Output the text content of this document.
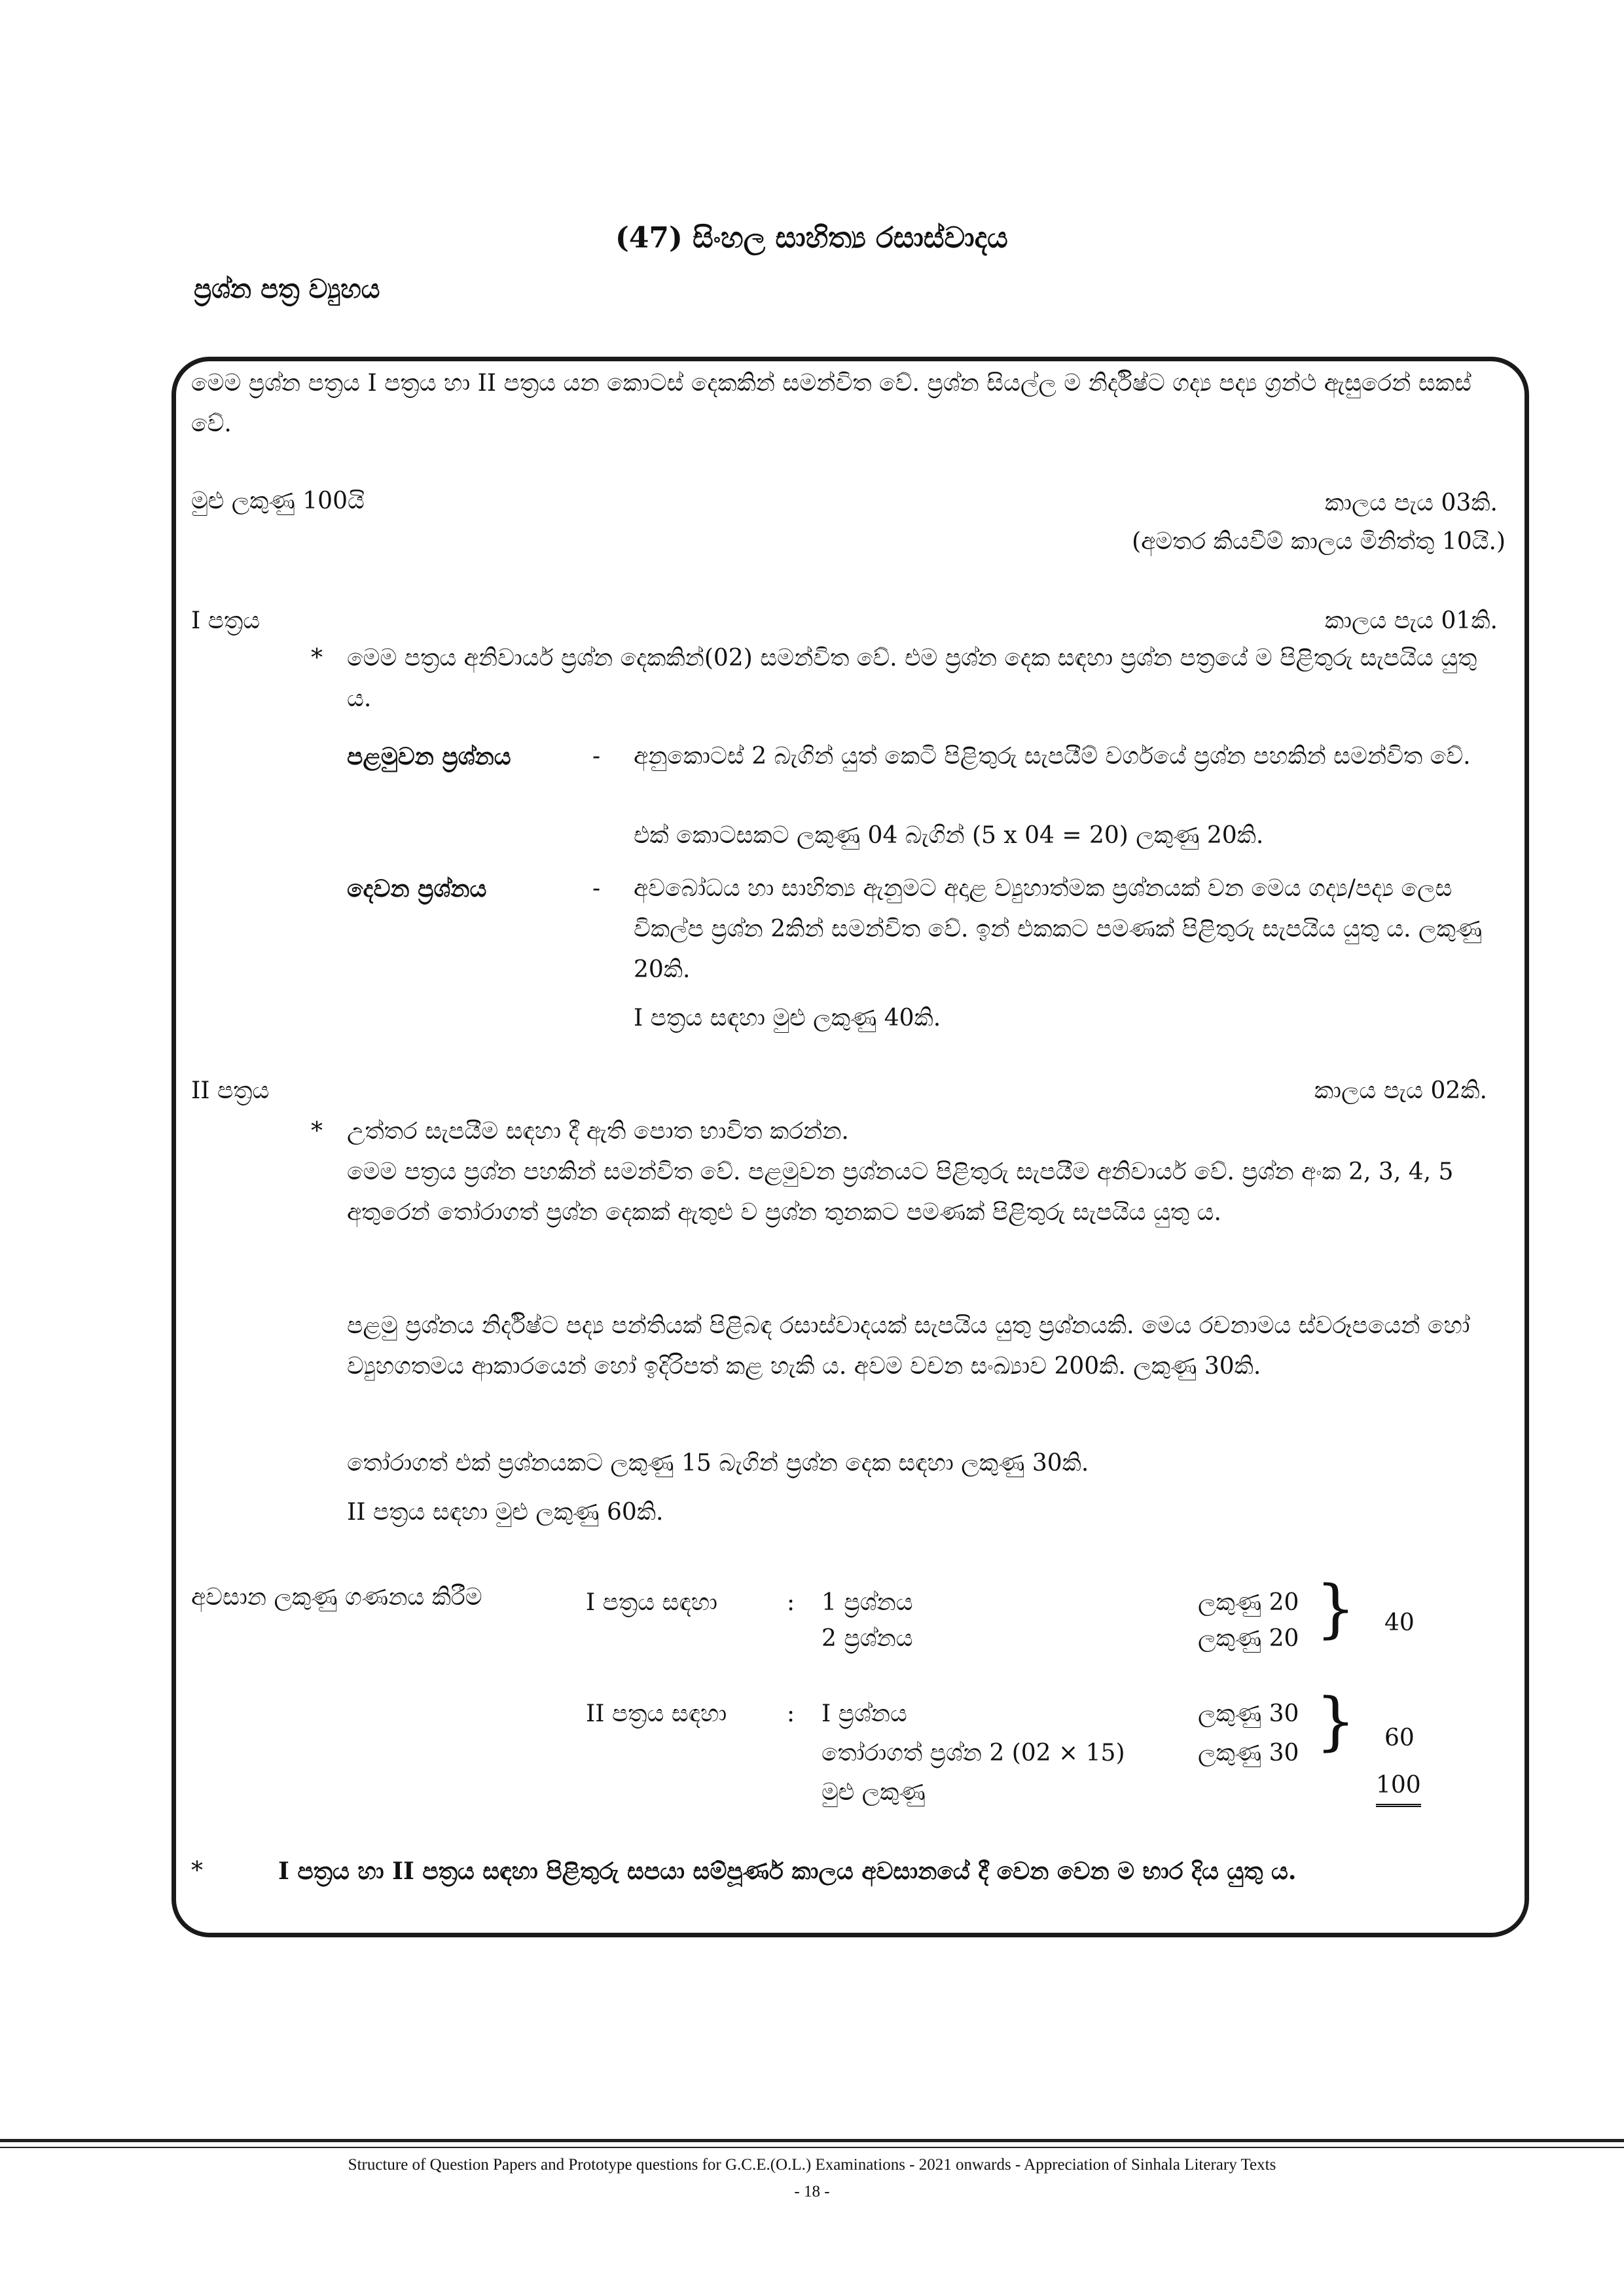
(47) සිංහල සාහිත්‍ය රසාස්වාදය
ප්‍රශ්න පත්‍ර ව්‍යුහය
මෙම ප්‍රශ්න පත්‍රය I පත්‍රය හා II පත්‍රය යන කොටස් දෙකකින් සමන්විත වේ. ප්‍රශ්න සියල්ල ම නිර්දිෂ්ට ගද්‍ය පද්‍ය ග්‍රන්ථ ඇසුරෙන් සකස් වේ.
මුළු ලකුණු 100යි	කාලය පැය 03කි.
(අමතර කියවීම් කාලය මිනිත්තු 10යි.)
I පත්‍රය	කාලය පැය 01කි.
* මෙම පත්‍රය අනිවාර්ය ප්‍රශ්න දෙකකින්(02) සමන්විත වේ. එම ප්‍රශ්න දෙක සඳහා ප්‍රශ්න පත්‍රයේ ම පිළිතුරු සැපයිය යුතු ය.
පළමුවන ප්‍රශ්නය	- අනුකොටස් 2 බැගින් යුත් කෙටි පිළිතුරු සැපයීම් වර්ගයේ ප්‍රශ්න පහකින් සමන්විත වේ.
එක් කොටසකට ලකුණු 04 බැගින් (5 x 04 = 20) ලකුණු 20කි.
දෙවන ප්‍රශ්නය	- අවබෝධය හා සාහිත්‍ය ඇනුමට අදාළ ව්‍යුහාත්මක ප්‍රශ්නයක් වන මෙය ගද්‍ය/පද්‍ය ලෙස විකල්ප ප්‍රශ්න 2කින් සමන්විත වේ. ඉන් එකකට පමණක් පිළිතුරු සැපයිය යුතු ය. ලකුණු 20කි.
I පත්‍රය සඳහා මුළු ලකුණු 40කි.
II පත්‍රය	කාලය පැය 02කි.
* උත්තර සැපයීම සඳහා දී ඇති පොත භාවිත කරන්න.
මෙම පත්‍රය ප්‍රශ්න පහකින් සමන්විත වේ. පළමුවන ප්‍රශ්නයට පිළිතුරු සැපයීම අනිවාර්ය වේ. ප්‍රශ්න අංක 2, 3, 4, 5 අතුරෙන් තෝරාගත් ප්‍රශ්න දෙකක් ඇතුළු ව ප්‍රශ්න තුනකට පමණක් පිළිතුරු සැපයිය යුතු ය.
පළමු ප්‍රශ්නය නිර්දිෂ්ට පද්‍ය පන්තියක් පිළිබඳ රසාස්වාදයක් සැපයිය යුතු ප්‍රශ්නයකි. මෙය රචනාමය ස්වරූපයෙන් හෝ ව්‍යුහගතමය ආකාරයෙන් හෝ ඉදිරිපත් කළ හැකි ය. අවම වචන සංඛ්‍යාව 200කි. ලකුණු 30කි.
තෝරාගත් එක් ප්‍රශ්නයකට ලකුණු 15 බැගින් ප්‍රශ්න දෙක සඳහා ලකුණු 30කි.
II පත්‍රය සඳහා මුළු ලකුණු 60කි.
අවසාන ලකුණු ගණනය කිරීම	I පත්‍රය සඳහා	: 1 ප්‍රශ්නය	ලකුණු 20
2 ප්‍රශ්නය	ලකුණු 20 } 40
II පත්‍රය සඳහා	: I ප්‍රශ්නය	ලකුණු 30
තෝරාගත් ප්‍රශ්න 2 (02 × 15)	ලකුණු 30 } 60
මුළු ලකුණු	100
*	I පත්‍රය හා II පත්‍රය සඳහා පිළිතුරු සපයා සම්පූර්ණ කාලය අවසානයේ දී වෙන වෙන ම භාර දිය යුතු ය.
Structure of Question Papers and Prototype questions for G.C.E.(O.L.) Examinations - 2021 onwards - Appreciation of Sinhala Literary Texts
- 18 -
